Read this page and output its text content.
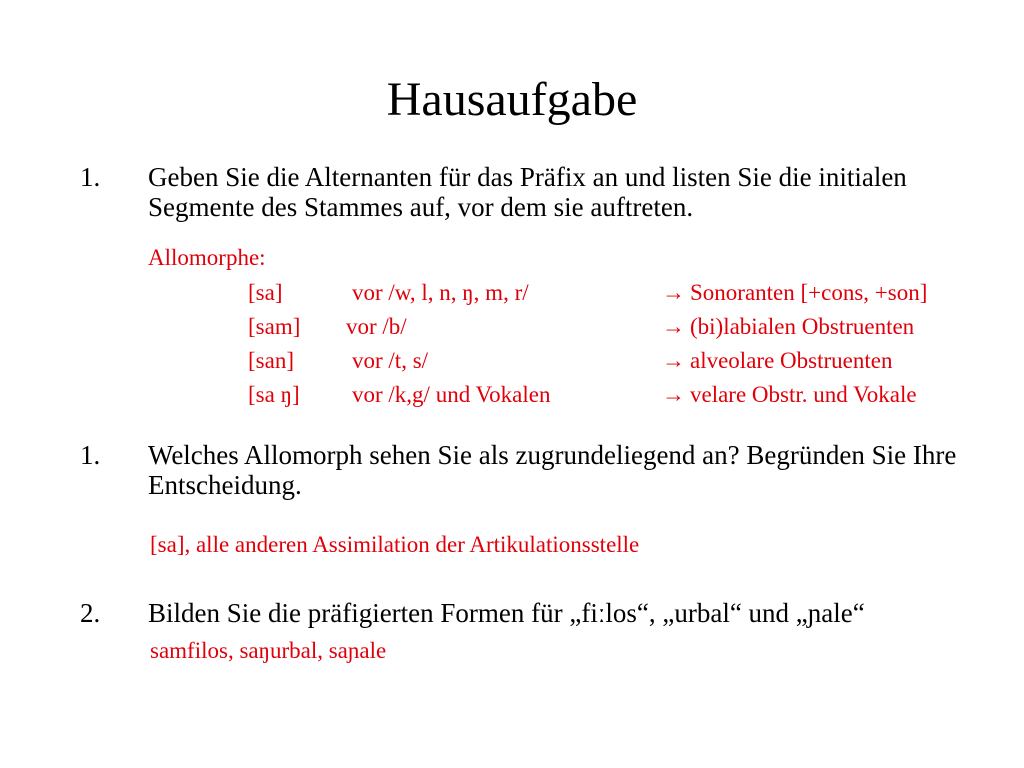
Hausaufgabe
1. Geben Sie die Alternanten für das Präfix an und listen Sie die initialen Segmente des Stammes auf, vor dem sie auftreten.
Allomorphe:
[sa]	vor /w, l, n, ŋ, m, r/	→ Sonoranten [+cons, +son]
[sam] vor /b/	→ (bi)labialen Obstruenten
[san]	vor /t, s/	→ alveolare Obstruenten
[sa ŋ] vor /k,g/ und Vokalen	→ velare Obstr. und Vokale
1. Welches Allomorph sehen Sie als zugrundeliegend an? Begründen Sie Ihre Entscheidung.
[sa], alle anderen Assimilation der Artikulationsstelle
2. Bilden Sie die präfigierten Formen für „fiːlos“, „urbal“ und „ɲale“
samfilos, saŋurbal, saɲale
